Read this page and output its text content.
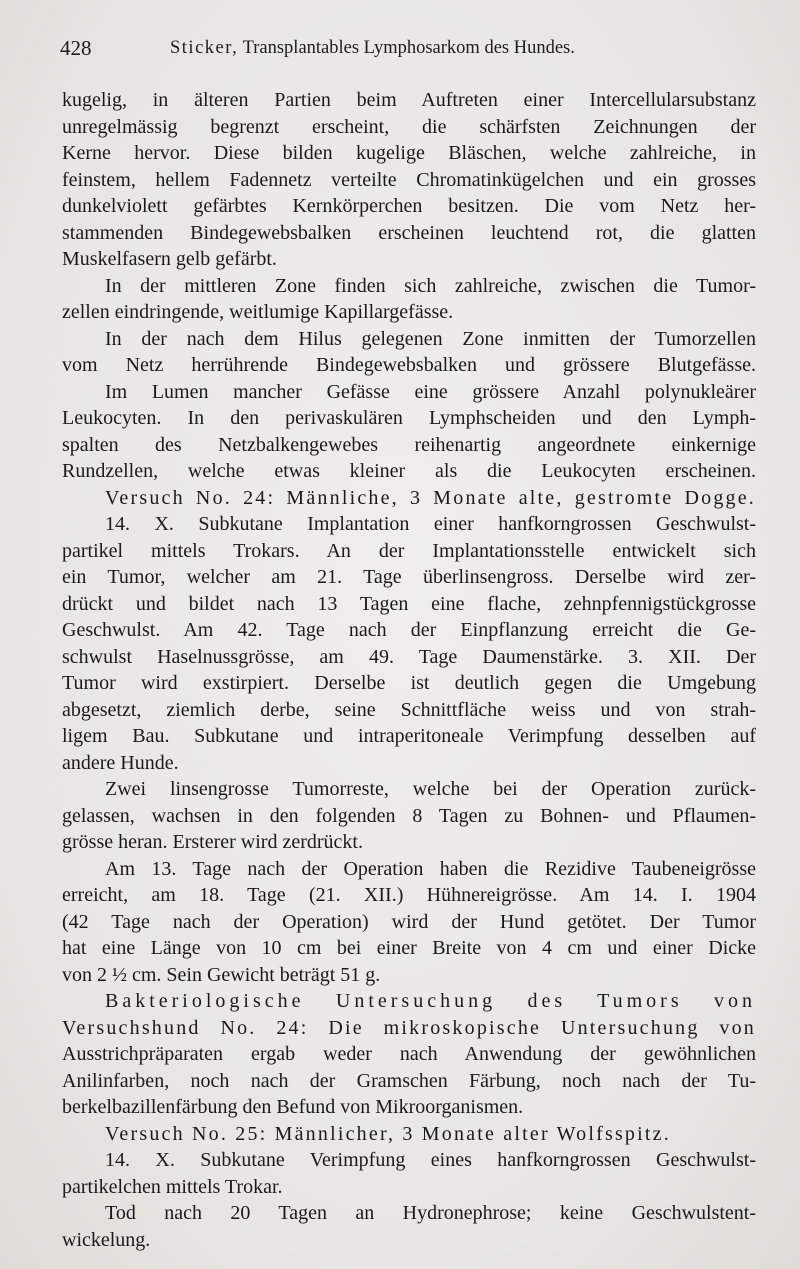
428	Sticker, Transplantables Lymphosarkom des Hundes.
kugelig, in älteren Partien beim Auftreten einer Intercellularsubstanz
unregelmässig begrenzt erscheint, die schärfsten Zeichnungen der
Kerne hervor. Diese bilden kugelige Bläschen, welche zahlreiche, in
feinstem, hellem Fadennetz verteilte Chromatinkügelchen und ein grosses
dunkelviolett gefärbtes Kernkörperchen besitzen. Die vom Netz her-
stammenden Bindegewebsbalken erscheinen leuchtend rot, die glatten
Muskelfasern gelb gefärbt.
In der mittleren Zone finden sich zahlreiche, zwischen die Tumor-
zellen eindringende, weitlumige Kapillargefässe.
In der nach dem Hilus gelegenen Zone inmitten der Tumorzellen
vom Netz herrührende Bindegewebsbalken und grössere Blutgefässe.
Im Lumen mancher Gefässe eine grössere Anzahl polynukleärer
Leukocyten. In den perivaskulären Lymphscheiden und den Lymph-
spalten des Netzbalkengewebes reihenartig angeordnete einkernige
Rundzellen, welche etwas kleiner als die Leukocyten erscheinen.
Versuch No. 24: Männliche, 3 Monate alte, gestromte Dogge.
14. X. Subkutane Implantation einer hanfkorngrossen Geschwulst-
partikel mittels Trokars. An der Implantationsstelle entwickelt sich
ein Tumor, welcher am 21. Tage überlinsengross. Derselbe wird zer-
drückt und bildet nach 13 Tagen eine flache, zehnpfennigstückgrosse
Geschwulst. Am 42. Tage nach der Einpflanzung erreicht die Ge-
schwulst Haselnussgrösse, am 49. Tage Daumenstärke. 3. XII. Der
Tumor wird exstirpiert. Derselbe ist deutlich gegen die Umgebung
abgesetzt, ziemlich derbe, seine Schnittfläche weiss und von strah-
ligem Bau. Subkutane und intraperitoneale Verimpfung desselben auf
andere Hunde.
Zwei linsengrosse Tumorreste, welche bei der Operation zurück-
gelassen, wachsen in den folgenden 8 Tagen zu Bohnen- und Pflaumen-
grösse heran. Ersterer wird zerdrückt.
Am 13. Tage nach der Operation haben die Rezidive Taubeneigrösse
erreicht, am 18. Tage (21. XII.) Hühnereigrösse. Am 14. I. 1904
(42 Tage nach der Operation) wird der Hund getötet. Der Tumor
hat eine Länge von 10 cm bei einer Breite von 4 cm und einer Dicke
von 2 ½ cm. Sein Gewicht beträgt 51 g.
Bakteriologische Untersuchung des Tumors von
Versuchshund No. 24: Die mikroskopische Untersuchung von
Ausstrichpräparaten ergab weder nach Anwendung der gewöhnlichen
Anilinfarben, noch nach der Gramschen Färbung, noch nach der Tu-
berkelbazillenfärbung den Befund von Mikroorganismen.
Versuch No. 25: Männlicher, 3 Monate alter Wolfsspitz.
14. X. Subkutane Verimpfung eines hanfkorngrossen Geschwulst-
partikelchen mittels Trokar.
Tod nach 20 Tagen an Hydronephrose; keine Geschwulstent-
wickelung.
